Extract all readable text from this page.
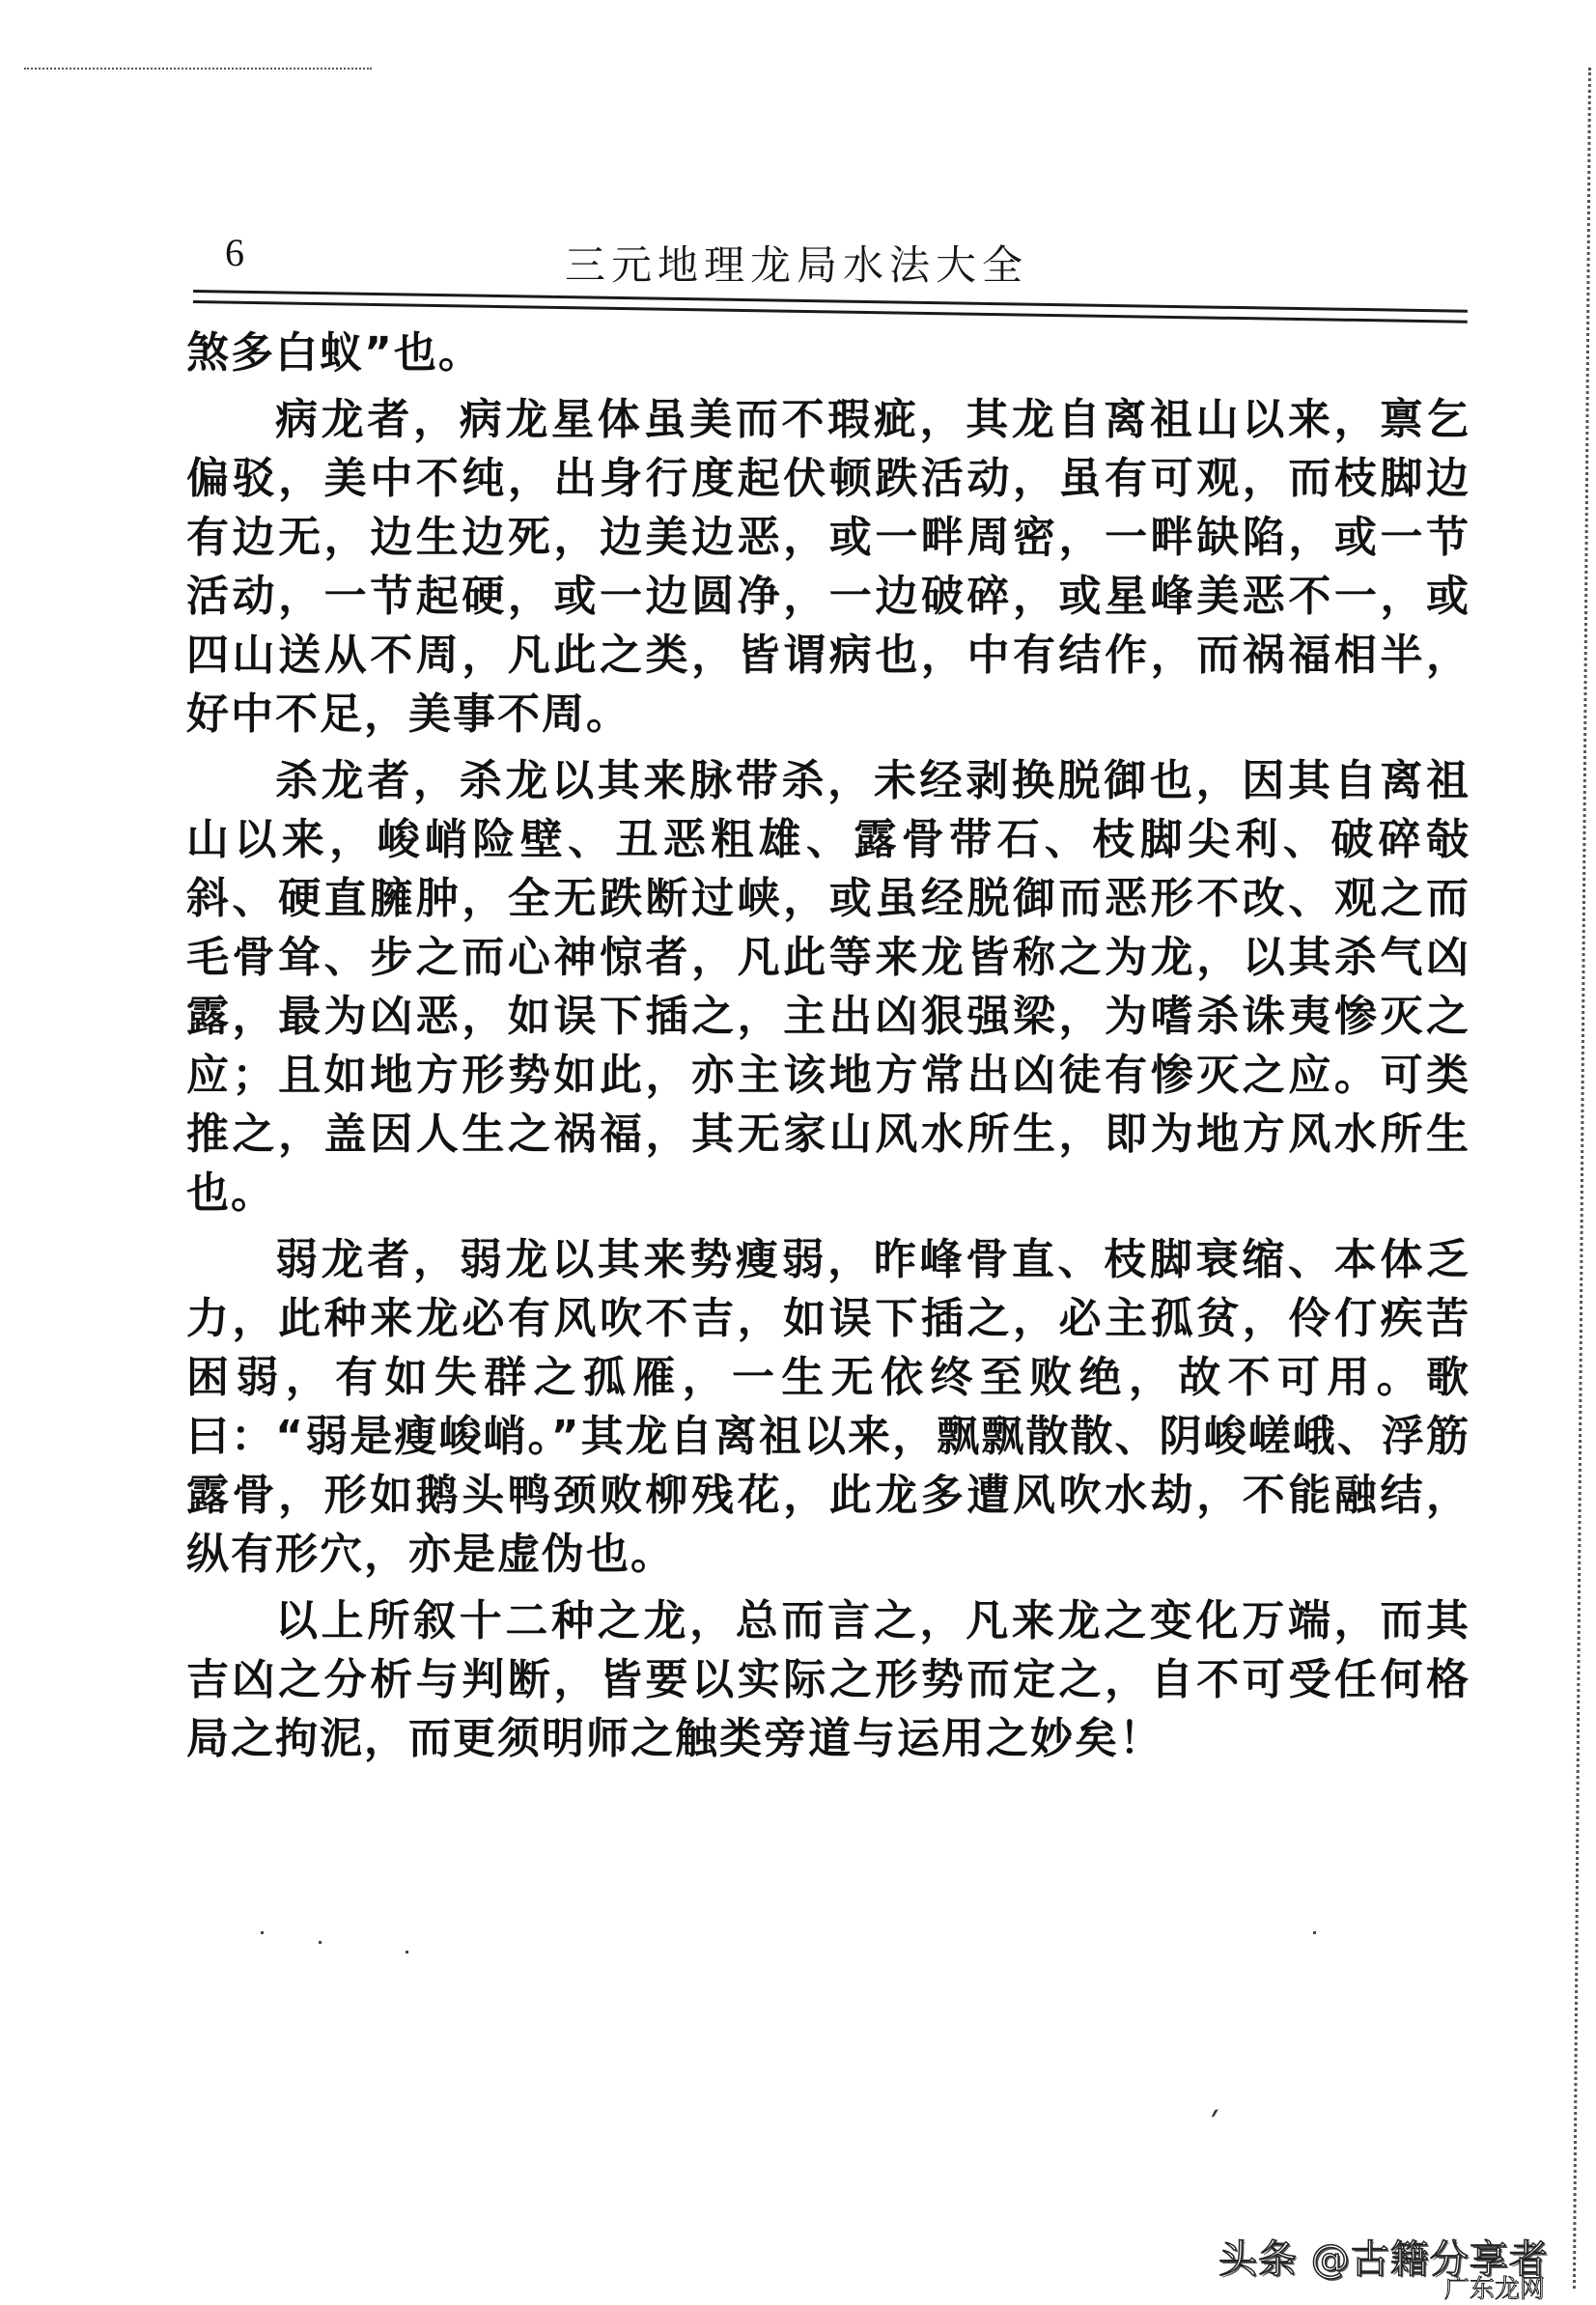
6	三元地理龙局水法大全

煞多白蚁”也。

病龙者，病龙星体虽美而不瑕疵，其龙自离祖山以来，禀乞偏驳，美中不纯，出身行度起伏顿跌活动，虽有可观，而枝脚边有边无，边生边死，边美边恶，或一畔周密，一畔缺陷，或一节活动，一节起硬，或一边圆净，一边破碎，或星峰美恶不一，或四山送从不周，凡此之类，皆谓病也，中有结作，而祸福相半，好中不足，美事不周。

杀龙者，杀龙以其来脉带杀，未经剥换脱御也，因其自离祖山以来，峻峭险壁、丑恶粗雄、露骨带石、枝脚尖利、破碎敧斜、硬直臃肿，全无跌断过峡，或虽经脱御而恶形不改、观之而毛骨耸、步之而心神惊者，凡此等来龙皆称之为龙，以其杀气凶露，最为凶恶，如误下插之，主出凶狠强梁，为嗜杀诛夷惨灭之应；且如地方形势如此，亦主该地方常出凶徒有惨灭之应。可类推之，盖因人生之祸福，其无家山风水所生，即为地方风水所生也。

弱龙者，弱龙以其来势瘦弱，昨峰骨直、枝脚衰缩、本体乏力，此种来龙必有风吹不吉，如误下插之，必主孤贫，伶仃疾苦困弱，有如失群之孤雁，一生无依终至败绝，故不可用。歌曰：“弱是瘦峻峭。”其龙自离祖以来，飘飘散散、阴峻嵯峨、浮筋露骨，形如鹅头鸭颈败柳残花，此龙多遭风吹水劫，不能融结，纵有形穴，亦是虚伪也。

以上所叙十二种之龙，总而言之，凡来龙之变化万端，而其吉凶之分析与判断，皆要以实际之形势而定之，自不可受任何格局之拘泥，而更须明师之触类旁道与运用之妙矣！

ˊ
头条 @古籍分享者
广东龙网
